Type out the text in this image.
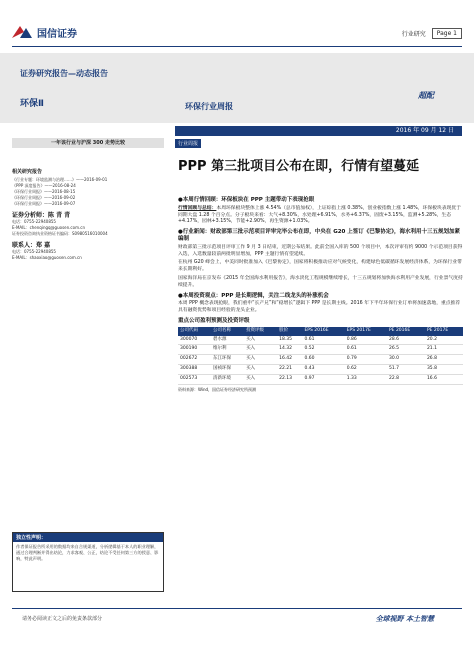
国信证券	行业研究	Page 1
证券研究报告—动态报告
环保Ⅱ	环保行业周报
超配
2016 年 09 月 12 日
一年该行业与沪深 300 走势比较	行业周报
PPP 第三批项目公布在即，行情有望蔓延
相关研究报告
《行业专题：环境监测与治理……》——2016-09-01
《PPP 深度报告》——2016-08-24
《环保行业周报》——2016-08-15
《环保行业周报》——2016-09-02
《环保行业周报》——2016-09-07
证券分析师：陈 青 青
电话：0755-22940855
E-MAIL：chenqingq@guosen.com.cn
证券投资咨询执业资格证书编码：S0980516010004
联系人：郑 嘉
电话：0755-22940855
E-MAIL：shaoxiao@guosen.com.cn
●本周行情回顾：环保板块在 PPP 主题带动下表现抢眼

行情回顾与总结：本周环保板块整体上涨 4.54%（总市值加权），上证综指上涨 0.38%，创业板指数上涨 1.48%，环保板块表现优于同期大盘 1.28 个百分点。分子板块来看：大气+8.30%，水处理+6.91%，水务+6.37%，固废+3.15%，监测+5.28%，生态+4.17%，园林+3.15%，节能+2.90%，再生资源+1.03%。

●行业新闻：财政部第三批示范项目评审完毕公布在即，中央在 G20 上签订《巴黎协定》，海水利用十三五规划加紧编制

财政部第三批示范项目评审工作 9 月 3 日结束，近期公布结果。此前全国入库的 500 个项目中，本次评审有约 9000 个示范项目获得入选，入选数量较前两批明显增加，PPP 主题行情有望延续。

在杭州 G20 峰会上，中美同时批准加入《巴黎协定》，国家将积极推动应对气候变化，构建绿色低碳循环发展经济体系，为环保行业带来长期利好。

国家海洋局在京发布《2015 年全国海水利用报告》，海水淡化工程规模继续增长，十三五规划将加快海水利用产业发展，行业景气度持续提升。

●本周投资观点：PPP 是长期逻辑，关注二线龙头的补涨机会

本周 PPP 概念表现抢眼，我们重申“长产兄”和“稳增长”逻辑下 PPP 是长期主线。2016 年下半年环保行业订单将加速落地，重点推荐具有融资优势和项目经验的龙头企业。

重点公司盈利预测及投资评级
公司代码	公司名称	投资评级	股价	EPS 2016E	EPS 2017E	PE 2016E	PE 2017E
300070	碧水源	买入	18.35	0.61	0.86	28.6	20.2
300190	维尔利	买入	14.32	0.52	0.61	26.5	21.1
002672	东江环保	买入	16.42	0.60	0.79	30.0	26.8
300388	国祯环保	买入	22.21	0.43	0.62	51.7	35.8
002573	清新环境	买入	22.13	0.97	1.33	22.8	16.6
资料来源：Wind，国信证券经济研究所预测
独立性声明：
作者保证报告所采用的数据均来自合规渠道，分析逻辑基于本人的职业理解，通过合理判断并得出结论，力求客观、公正，结论不受任何第三方的授意、影响，特此声明。
请务必阅读正文之后的免责条款部分	全球视野 本土智慧
